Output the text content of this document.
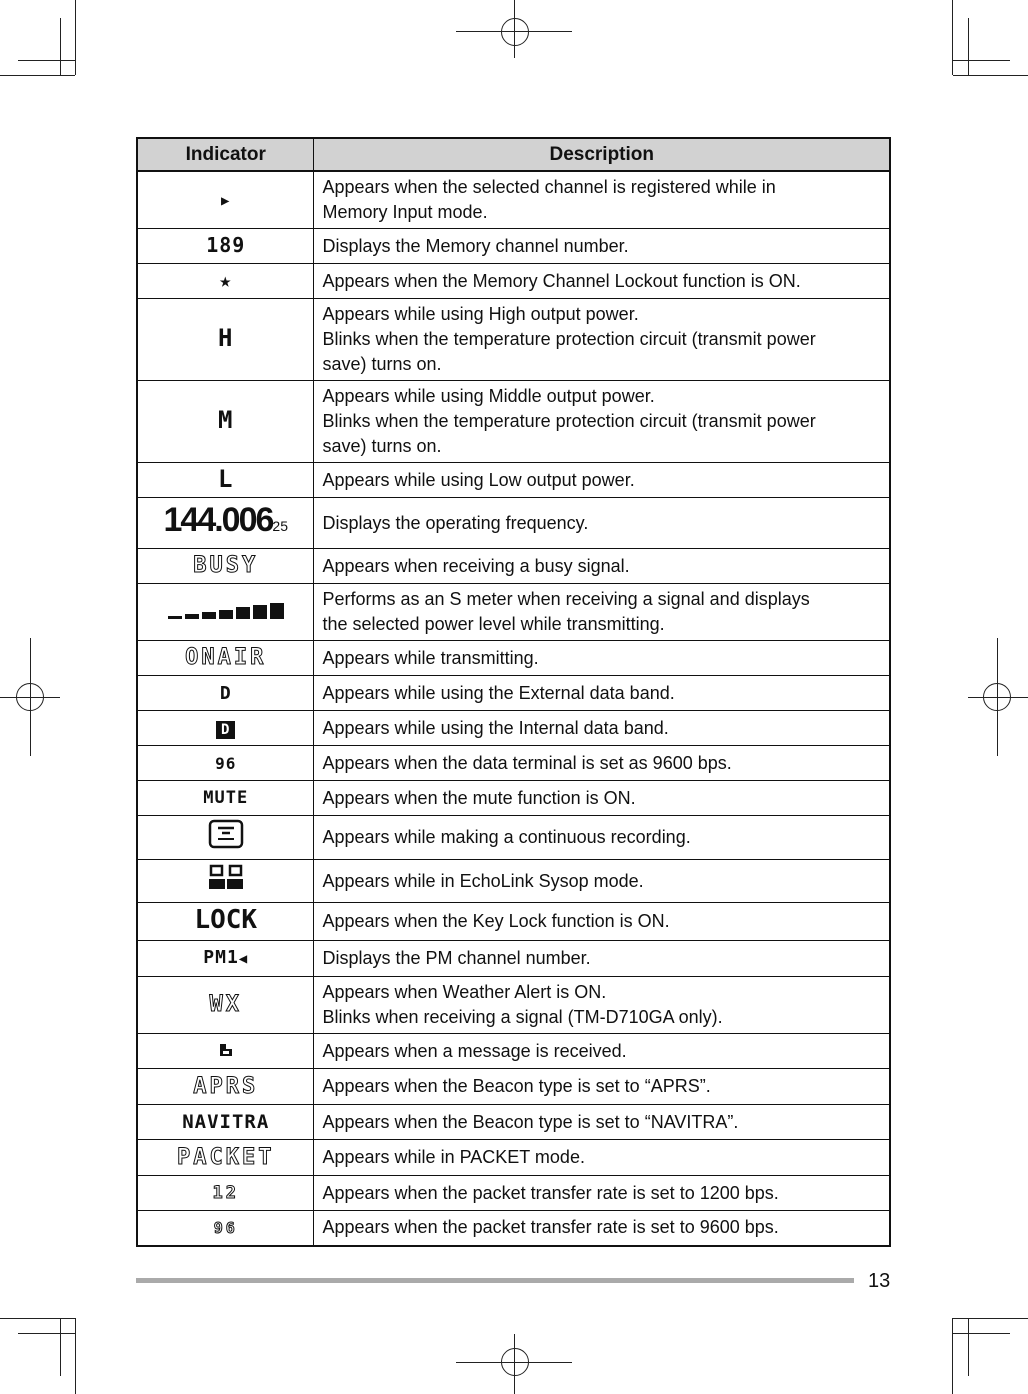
Indicator	Description
▶	Appears when the selected channel is registered while in
Memory Input mode.

189	Displays the Memory channel number.
★	Appears when the Memory Channel Lockout function is ON.
H	Appears while using High output power.
Blinks when the temperature protection circuit (transmit power
save) turns on.

M	Appears while using Middle output power.
Blinks when the temperature protection circuit (transmit power
save) turns on.

L	Appears while using Low output power.
144.00625	Displays the operating frequency.
BUSY	Appears when receiving a busy signal.

	Performs as an S meter when receiving a signal and displays
the selected power level while transmitting.

ONAIR	Appears while transmitting.
D	Appears while using the External data band.
D	Appears while using the Internal data band.
96	Appears when the data terminal is set as 9600 bps.
MUTE	Appears when the mute function is ON.
	Appears while making a continuous recording.
	Appears while in EchoLink Sysop mode.
LOCK	Appears when the Key Lock function is ON.
PM1◀	Displays the PM channel number.
WX	Appears when Weather Alert is ON.
Blinks when receiving a signal (TM-D710GA only).

	Appears when a message is received.
APRS	Appears when the Beacon type is set to “APRS”.
NAVITRA	Appears when the Beacon type is set to “NAVITRA”.
PACKET	Appears while in PACKET mode.
12	Appears when the packet transfer rate is set to 1200 bps.
96	Appears when the packet transfer rate is set to 9600 bps.
13
